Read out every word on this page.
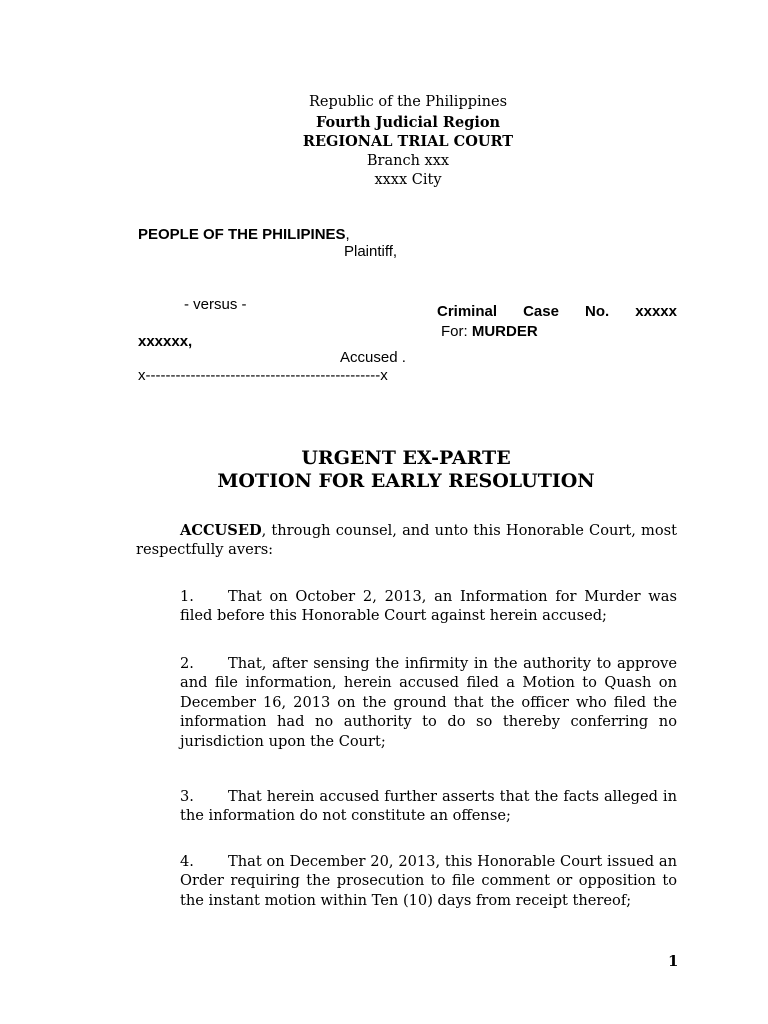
Republic of the Philippines
Fourth Judicial Region
REGIONAL TRIAL COURT
Branch xxx
xxxx City
PEOPLE OF THE PHILIPINES,
Plaintiff,
- versus -	Criminal Case No. xxxxx
For: MURDER
xxxxxx,
Accused .
x-----------------------------------------------x
URGENT EX-PARTE
MOTION FOR EARLY RESOLUTION
ACCUSED, through counsel, and unto this Honorable Court, most respectfully avers:
1. That on October 2, 2013, an Information for Murder was filed before this Honorable Court against herein accused;
2. That, after sensing the infirmity in the authority to approve and file information, herein accused filed a Motion to Quash on December 16, 2013 on the ground that the officer who filed the information had no authority to do so thereby conferring no jurisdiction upon the Court;
3. That herein accused further asserts that the facts alleged in the information do not constitute an offense;
4. That on December 20, 2013, this Honorable Court issued an Order requiring the prosecution to file comment or opposition to the instant motion within Ten (10) days from receipt thereof;
1
